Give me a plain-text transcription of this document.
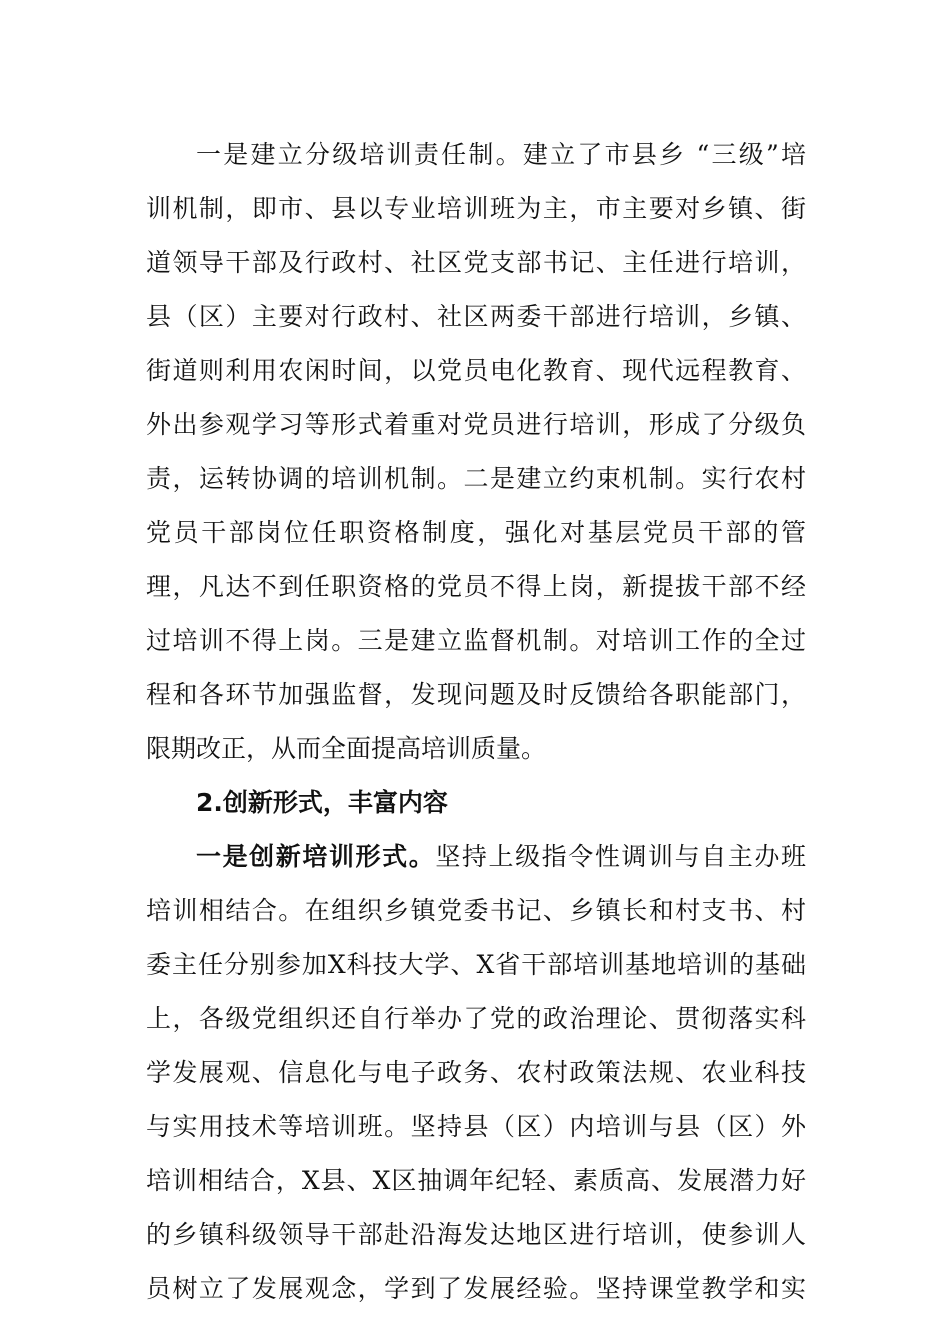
一是建立分级培训责任制。建立了市县乡 “三级”培
训机制，即市、县以专业培训班为主，市主要对乡镇、街
道领导干部及行政村、社区党支部书记、主任进行培训，
县（区）主要对行政村、社区两委干部进行培训，乡镇、
街道则利用农闲时间，以党员电化教育、现代远程教育、
外出参观学习等形式着重对党员进行培训，形成了分级负
责，运转协调的培训机制。二是建立约束机制。实行农村
党员干部岗位任职资格制度，强化对基层党员干部的管
理，凡达不到任职资格的党员不得上岗，新提拔干部不经
过培训不得上岗。三是建立监督机制。对培训工作的全过
程和各环节加强监督，发现问题及时反馈给各职能部门，
限期改正，从而全面提高培训质量。
2.创新形式，丰富内容
一是创新培训形式。坚持上级指令性调训与自主办班
培训相结合。在组织乡镇党委书记、乡镇长和村支书、村
委主任分别参加X科技大学、X省干部培训基地培训的基础
上，各级党组织还自行举办了党的政治理论、贯彻落实科
学发展观、信息化与电子政务、农村政策法规、农业科技
与实用技术等培训班。坚持县（区）内培训与县（区）外
培训相结合，X县、X区抽调年纪轻、素质高、发展潜力好
的乡镇科级领导干部赴沿海发达地区进行培训，使参训人
员树立了发展观念，学到了发展经验。坚持课堂教学和实
